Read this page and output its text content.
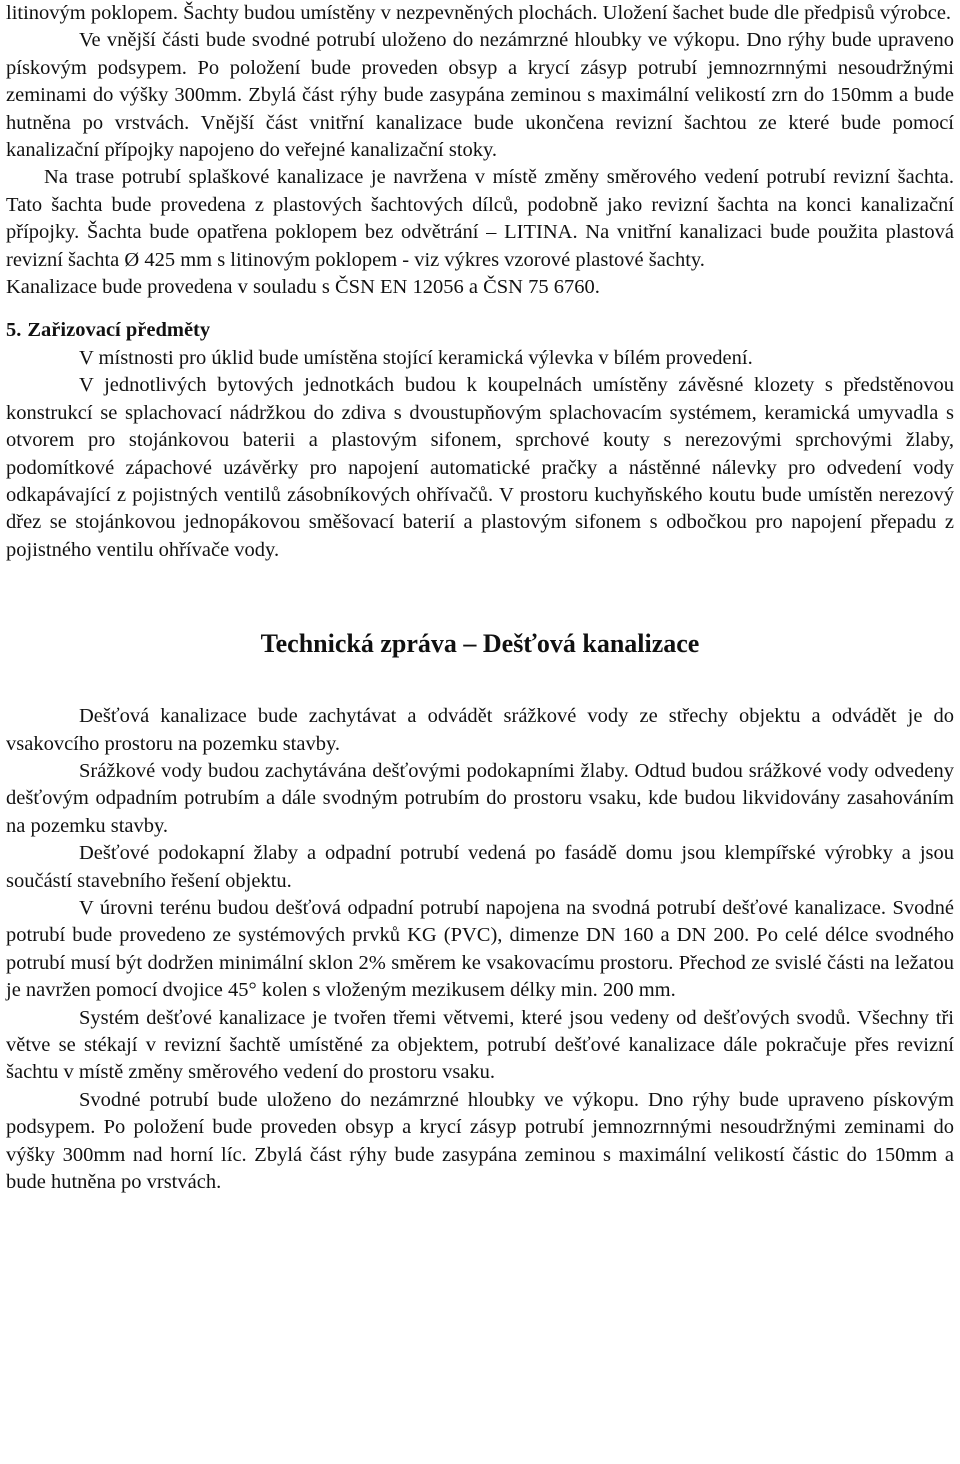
litinovým poklopem. Šachty budou umístěny v nezpevněných plochách. Uložení šachet bude dle předpisů výrobce.

Ve vnější části bude svodné potrubí uloženo do nezámrzné hloubky ve výkopu. Dno rýhy bude upraveno pískovým podsypem. Po položení bude proveden obsyp a krycí zásyp potrubí jemnozrnnými nesoudržnými zeminami do výšky 300mm. Zbylá část rýhy bude zasypána zeminou s maximální velikostí zrn do 150mm a bude hutněna po vrstvách. Vnější část vnitřní kanalizace bude ukončena revizní šachtou ze které bude pomocí kanalizační přípojky napojeno do veřejné kanalizační stoky.

Na trase potrubí splaškové kanalizace je navržena v místě změny směrového vedení potrubí revizní šachta. Tato šachta bude provedena z plastových šachtových dílců, podobně jako revizní šachta na konci kanalizační přípojky. Šachta bude opatřena poklopem bez odvětrání – LITINA. Na vnitřní kanalizaci bude použita plastová revizní šachta Ø 425 mm s litinovým poklopem - viz výkres vzorové plastové šachty.

Kanalizace bude provedena v souladu s ČSN EN 12056 a ČSN 75 6760.

5. Zařizovací předměty

V místnosti pro úklid bude umístěna stojící keramická výlevka v bílém provedení.

V jednotlivých bytových jednotkách budou k koupelnách umístěny závěsné klozety s předstěnovou konstrukcí se splachovací nádržkou do zdiva s dvoustupňovým splachovacím systémem, keramická umyvadla s otvorem pro stojánkovou baterii a plastovým sifonem, sprchové kouty s nerezovými sprchovými žlaby, podomítkové zápachové uzávěrky pro napojení automatické pračky a nástěnné nálevky pro odvedení vody odkapávající z pojistných ventilů zásobníkových ohřívačů. V prostoru kuchyňského koutu bude umístěn nerezový dřez se stojánkovou jednopákovou směšovací baterií a plastovým sifonem s odbočkou pro napojení přepadu z pojistného ventilu ohřívače vody.

Technická zpráva – Dešťová kanalizace

Dešťová kanalizace bude zachytávat a odvádět srážkové vody ze střechy objektu a odvádět je do vsakovcího prostoru na pozemku stavby.

Srážkové vody budou zachytávána dešťovými podokapními žlaby. Odtud budou srážkové vody odvedeny dešťovým odpadním potrubím a dále svodným potrubím do prostoru vsaku, kde budou likvidovány zasahováním na pozemku stavby.

Dešťové podokapní žlaby a odpadní potrubí vedená po fasádě domu jsou klempířské výrobky a jsou součástí stavebního řešení objektu.

V úrovni terénu budou dešťová odpadní potrubí napojena na svodná potrubí dešťové kanalizace. Svodné potrubí bude provedeno ze systémových prvků KG (PVC), dimenze DN 160 a DN 200. Po celé délce svodného potrubí musí být dodržen minimální sklon 2% směrem ke vsakovacímu prostoru. Přechod ze svislé části na ležatou je navržen pomocí dvojice 45° kolen s vloženým mezikusem délky min. 200 mm.

Systém dešťové kanalizace je tvořen třemi větvemi, které jsou vedeny od dešťových svodů. Všechny tři větve se stékají v revizní šachtě umístěné za objektem, potrubí dešťové kanalizace dále pokračuje přes revizní šachtu v místě změny směrového vedení do prostoru vsaku.

Svodné potrubí bude uloženo do nezámrzné hloubky ve výkopu. Dno rýhy bude upraveno pískovým podsypem. Po položení bude proveden obsyp a krycí zásyp potrubí jemnozrnnými nesoudržnými zeminami do výšky 300mm nad horní líc. Zbylá část rýhy bude zasypána zeminou s maximální velikostí částic do 150mm a bude hutněna po vrstvách.
